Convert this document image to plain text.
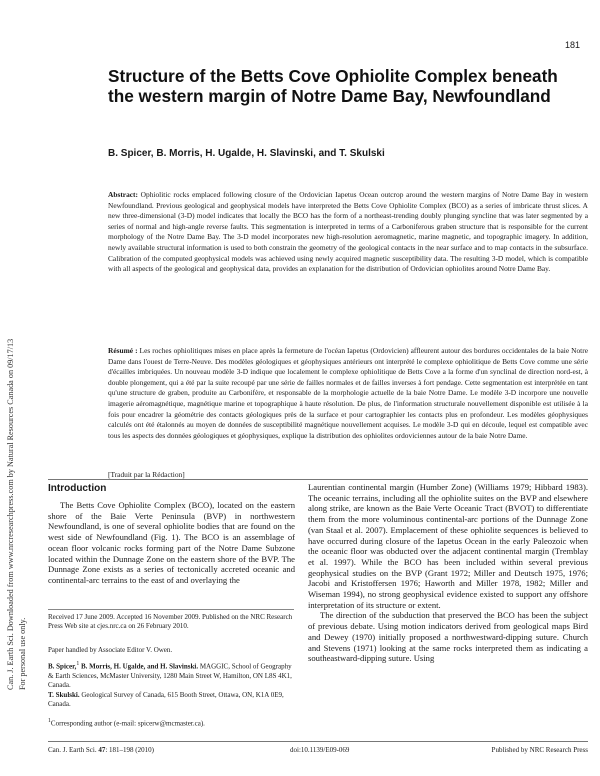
181
Can. J. Earth Sci. Downloaded from www.nrcresearchpress.com by Natural Resources Canada on 09/17/13 For personal use only.
Structure of the Betts Cove Ophiolite Complex beneath the western margin of Notre Dame Bay, Newfoundland
B. Spicer, B. Morris, H. Ugalde, H. Slavinski, and T. Skulski
Abstract: Ophiolitic rocks emplaced following closure of the Ordovician Iapetus Ocean outcrop around the western margins of Notre Dame Bay in western Newfoundland. Previous geological and geophysical models have interpreted the Betts Cove Ophiolite Complex (BCO) as a series of imbricate thrust slices. A new three-dimensional (3-D) model indicates that locally the BCO has the form of a northeast-trending doubly plunging syncline that was later segmented by a series of normal and high-angle reverse faults. This segmentation is interpreted in terms of a Carboniferous graben structure that is responsible for the current morphology of the Notre Dame Bay. The 3-D model incorporates new high-resolution aeromagnetic, marine magnetic, and topographic imagery. In addition, newly available structural information is used to both constrain the geometry of the geological contacts in the near surface and to map contacts in the subsurface. Calibration of the computed geophysical models was achieved using newly acquired magnetic susceptibility data. The resulting 3-D model, which is compatible with all aspects of the geological and geophysical data, provides an explanation for the distribution of Ordovician ophiolites around Notre Dame Bay.
Résumé : Les roches ophiolitiques mises en place après la fermeture de l'océan Iapetus (Ordovicien) affleurent autour des bordures occidentales de la baie Notre Dame dans l'ouest de Terre-Neuve. Des modèles géologiques et géophysiques antérieurs ont interprété le complexe ophiolitique de Betts Cove comme une série d'écailles imbriquées. Un nouveau modèle 3-D indique que localement le complexe ophiolitique de Betts Cove a la forme d'un synclinal de direction nord-est, à double plongement, qui a été par la suite recoupé par une série de failles normales et de failles inverses à fort pendage. Cette segmentation est interprétée en tant qu'une structure de graben, produite au Carbonifère, et responsable de la morphologie actuelle de la baie Notre Dame. Le modèle 3-D incorpore une nouvelle imagerie aéromagnétique, magnétique marine et topographique à haute résolution. De plus, de l'information structurale nouvellement disponible est utilisée à la fois pour encadrer la géométrie des contacts géologiques près de la surface et pour cartographier les contacts plus en profondeur. Les modèles géophysiques calculés ont été étalonnés au moyen de données de susceptibilité magnétique nouvellement acquises. Le modèle 3-D qui en découle, lequel est compatible avec tous les aspects des données géologiques et géophysiques, explique la distribution des ophiolites ordoviciennes autour de la baie Notre Dame.
[Traduit par la Rédaction]
Introduction
The Betts Cove Ophiolite Complex (BCO), located on the eastern shore of the Baie Verte Peninsula (BVP) in northwestern Newfoundland, is one of several ophiolite bodies that are found on the west side of Newfoundland (Fig. 1). The BCO is an assemblage of ocean floor volcanic rocks forming part of the Notre Dame Subzone located within the Dunnage Zone on the eastern shore of the BVP. The Dunnage Zone exists as a series of tectonically accreted oceanic and continental-arc terrains to the east of and overlaying the

Laurentian continental margin (Humber Zone) (Williams 1979; Hibbard 1983). The oceanic terrains, including all the ophiolite suites on the BVP and elsewhere along strike, are known as the Baie Verte Oceanic Tract (BVOT) to differentiate them from the more voluminous continental-arc portions of the Dunnage Zone (van Staal et al. 2007). Emplacement of these ophiolite sequences is believed to have occurred during closure of the Iapetus Ocean in the early Paleozoic when the oceanic floor was obducted over the adjacent continental margin (Tremblay et al. 1997). While the BCO has been included within several previous geophysical studies on the BVP (Grant 1972; Miller and Deutsch 1975, 1976; Jacobi and Kristoffersen 1976; Haworth and Miller 1978, 1982; Miller and Wiseman 1994), no strong geophysical evidence existed to support any offshore interpretation of its structure or extent.

The direction of the subduction that preserved the BCO has been the subject of previous debate. Using motion indicators derived from geological maps Bird and Dewey (1970) initially proposed a northwestward-dipping suture. Church and Stevens (1971) looking at the same rocks interpreted them as indicating a southeastward-dipping suture. Using

Received 17 June 2009. Accepted 16 November 2009. Published on the NRC Research Press Web site at cjes.nrc.ca on 26 February 2010.
Paper handled by Associate Editor V. Owen.
B. Spicer,$^1$ B. Morris, H. Ugalde, and H. Slavinski. MAGGIC, School of Geography & Earth Sciences, McMaster University, 1280 Main Street W, Hamilton, ON L8S 4K1, Canada.
T. Skulski. Geological Survey of Canada, 615 Booth Street, Ottawa, ON, K1A 0E9, Canada.
$^1$Corresponding author (e-mail: spicerw@mcmaster.ca).
Can. J. Earth Sci. 47: 181–198 (2010)	doi:10.1139/E09-069	Published by NRC Research Press
